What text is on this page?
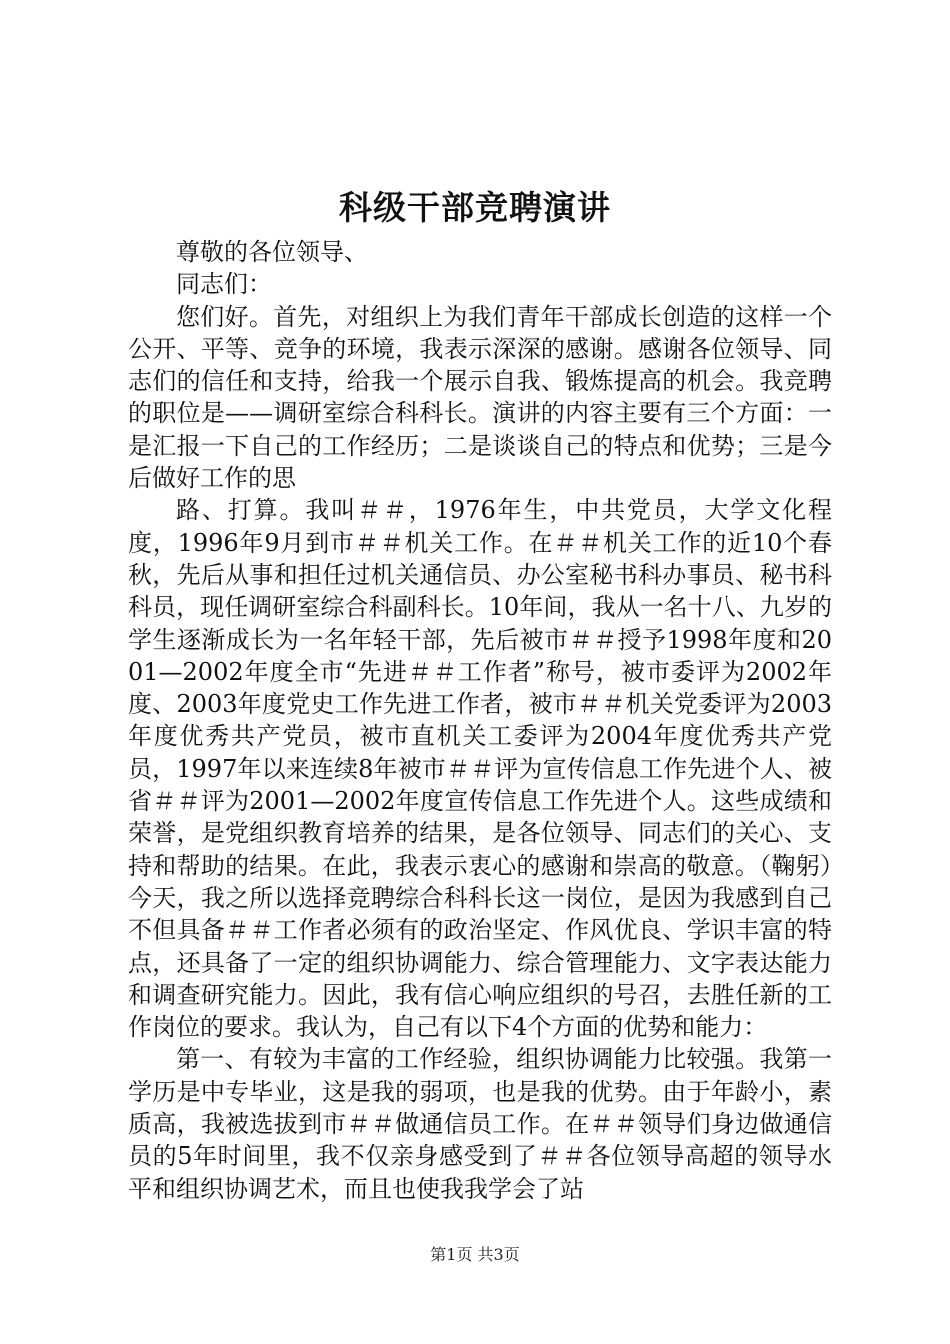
科级干部竞聘演讲

尊敬的各位领导、

同志们：

您们好。首先，对组织上为我们青年干部成长创造的这样一个公开、平等、竞争的环境，我表示深深的感谢。感谢各位领导、同志们的信任和支持，给我一个展示自我、锻炼提高的机会。我竞聘的职位是——调研室综合科科长。演讲的内容主要有三个方面：一是汇报一下自己的工作经历；二是谈谈自己的特点和优势；三是今后做好工作的思

路、打算。我叫＃＃，1976年生，中共党员，大学文化程度，1996年9月到市＃＃机关工作。在＃＃机关工作的近10个春秋，先后从事和担任过机关通信员、办公室秘书科办事员、秘书科科员，现任调研室综合科副科长。10年间，我从一名十八、九岁的学生逐渐成长为一名年轻干部，先后被市＃＃授予1998年度和2001—2002年度全市“先进＃＃工作者”称号，被市委评为2002年度、2003年度党史工作先进工作者，被市＃＃机关党委评为2003年度优秀共产党员，被市直机关工委评为2004年度优秀共产党员，1997年以来连续8年被市＃＃评为宣传信息工作先进个人、被省＃＃评为2001—2002年度宣传信息工作先进个人。这些成绩和荣誉，是党组织教育培养的结果，是各位领导、同志们的关心、支持和帮助的结果。在此，我表示衷心的感谢和崇高的敬意。（鞠躬）今天，我之所以选择竞聘综合科科长这一岗位，是因为我感到自己不但具备＃＃工作者必须有的政治坚定、作风优良、学识丰富的特点，还具备了一定的组织协调能力、综合管理能力、文字表达能力和调查研究能力。因此，我有信心响应组织的号召，去胜任新的工作岗位的要求。我认为，自己有以下4个方面的优势和能力：

第一、有较为丰富的工作经验，组织协调能力比较强。我第一学历是中专毕业，这是我的弱项，也是我的优势。由于年龄小，素质高，我被选拔到市＃＃做通信员工作。在＃＃领导们身边做通信员的5年时间里，我不仅亲身感受到了＃＃各位领导高超的领导水平和组织协调艺术，而且也使我我学会了站

第1页 共3页
